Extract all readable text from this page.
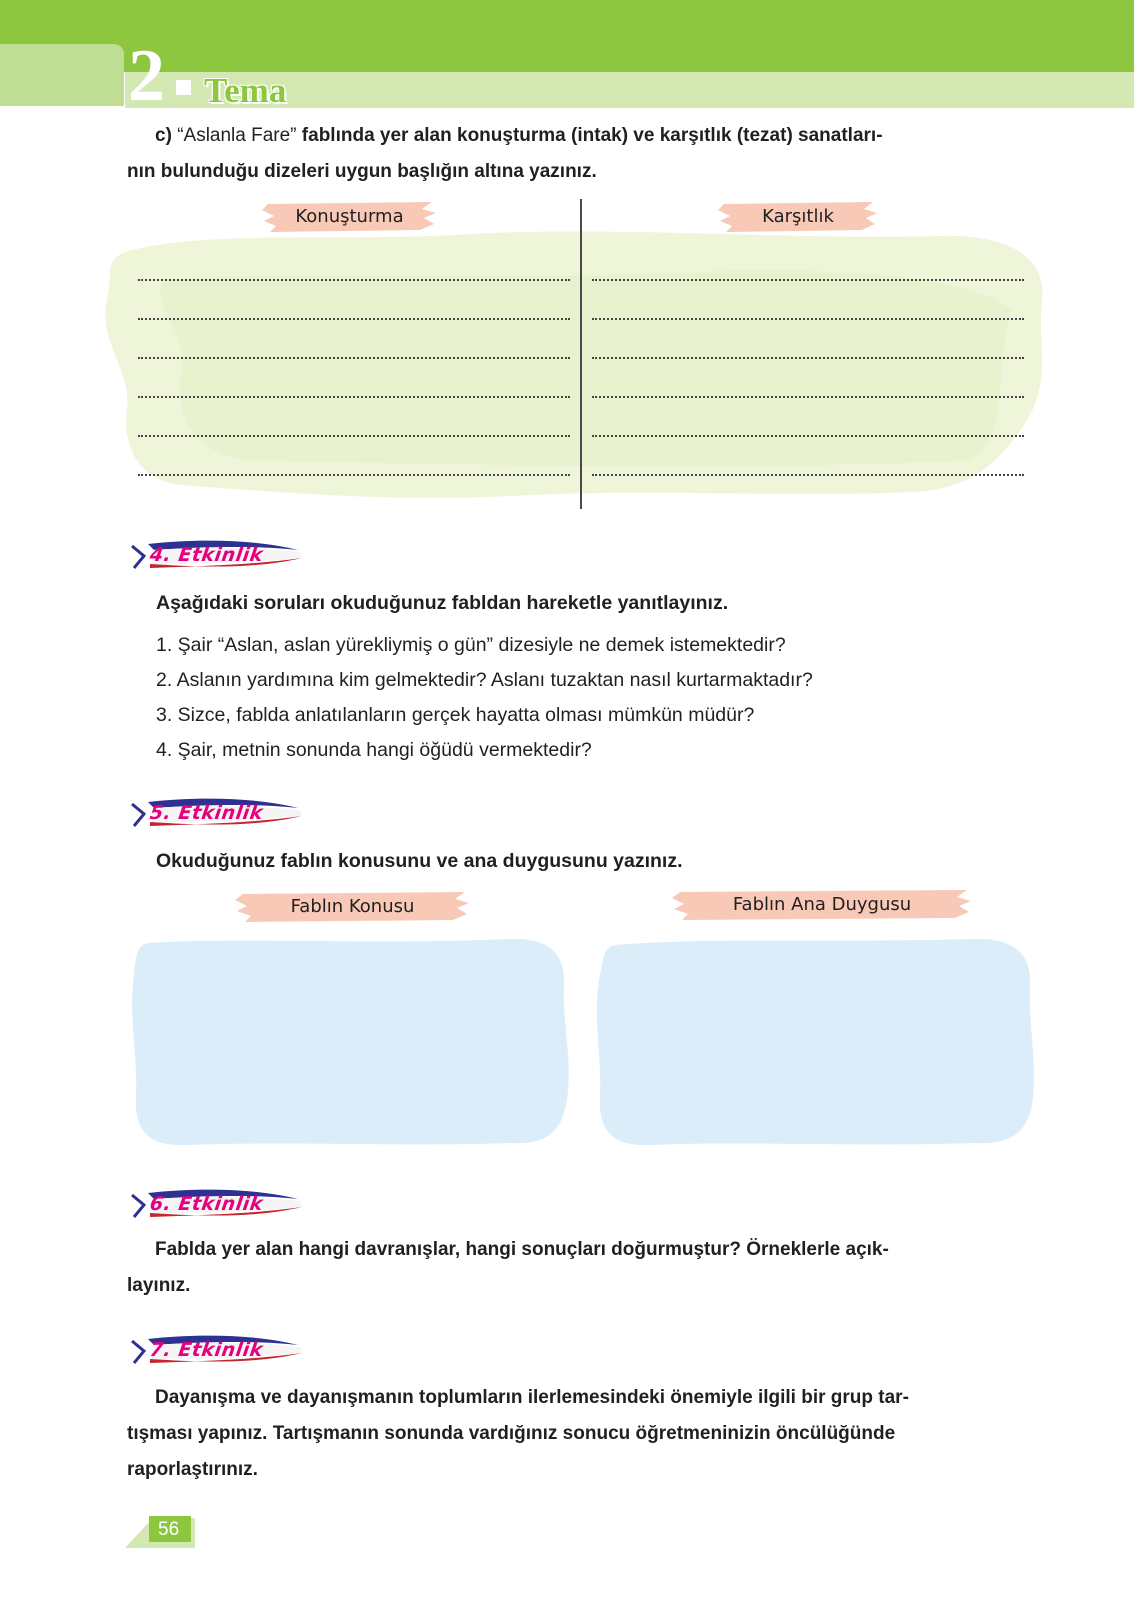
2 Tema
c) “Aslanla Fare” fablında yer alan konuşturma (intak) ve karşıtlık (tezat) sanatları-
nın bulunduğu dizeleri uygun başlığın altına yazınız.
Konuşturma	Karşıtlık
4. Etkinlik
Aşağıdaki soruları okuduğunuz fabldan hareketle yanıtlayınız.
1. Şair “Aslan, aslan yürekliymiş o gün” dizesiyle ne demek istemektedir?
2. Aslanın yardımına kim gelmektedir? Aslanı tuzaktan nasıl kurtarmaktadır?
3. Sizce, fablda anlatılanların gerçek hayatta olması mümkün müdür?
4. Şair, metnin sonunda hangi öğüdü vermektedir?
5. Etkinlik
Okuduğunuz fablın konusunu ve ana duygusunu yazınız.
Fablın Konusu	Fablın Ana Duygusu
6. Etkinlik
Fablda yer alan hangi davranışlar, hangi sonuçları doğurmuştur? Örneklerle açık-
layınız.
7. Etkinlik
Dayanışma ve dayanışmanın toplumların ilerlemesindeki önemiyle ilgili bir grup tar-
tışması yapınız. Tartışmanın sonunda vardığınız sonucu öğretmeninizin öncülüğünde
raporlaştırınız.
56
